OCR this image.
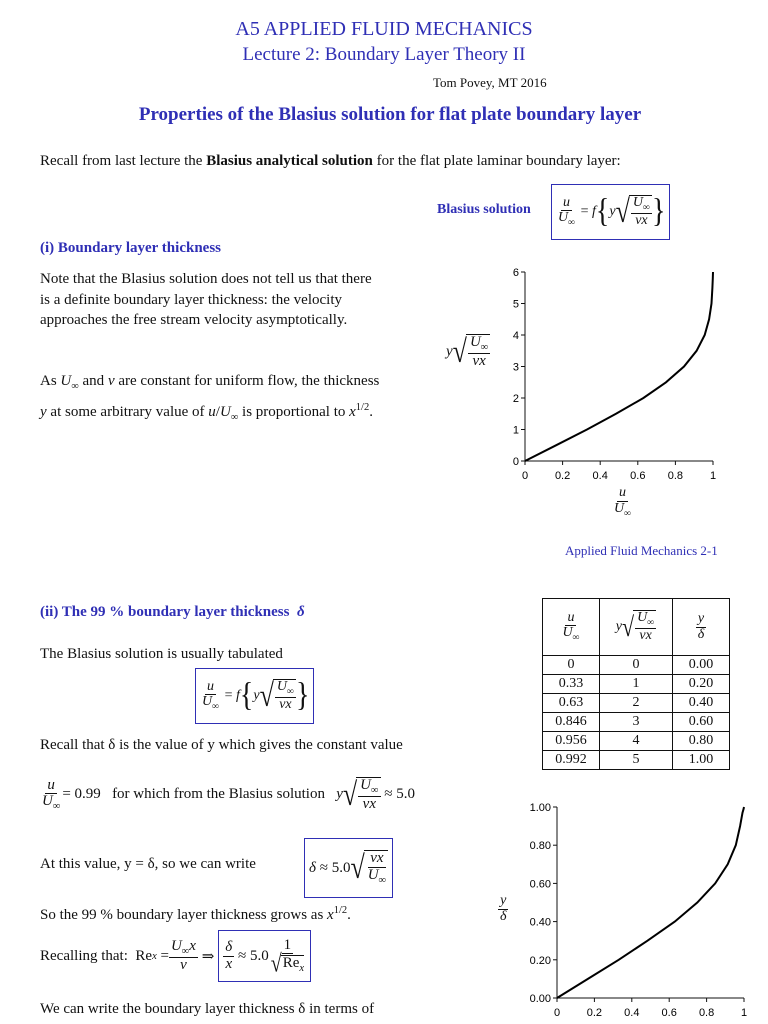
A5 APPLIED FLUID MECHANICS
Lecture 2: Boundary Layer Theory II
Tom Povey, MT 2016
Properties of the Blasius solution for flat plate boundary layer
Recall from last lecture the Blasius analytical solution for the flat plate laminar boundary layer:
Blasius solution $\frac{u}{U_\infty} = f$ { y √ $\frac{U_\infty}{\nu x}$ }
(i) Boundary layer thickness
Note that the Blasius solution does not tell us that there is a definite boundary layer thickness: the velocity approaches the free stream velocity asymptotically.
As $U_\infty$ and ν are constant for uniform flow, the thickness y at some arbitrary value of $u/U_\infty$ is proportional to $x^{1/2}$.
y √ $\frac{U_\infty}{\nu x}$
0
1
2
3
4
5
6
0 0.2 0.4 0.6 0.8 1
$\frac{u}{U_\infty}$
Applied Fluid Mechanics 2-1
(ii) The 99 % boundary layer thickness δ	$\frac{u}{U_\infty}$	y √ $\frac{U_\infty}{\nu x}$	$\frac{y}{\delta}$

0	0	0.00
0.33	1	0.20
0.63	2	0.40
0.846	3	0.60
0.956	4	0.80
0.992	5	1.00
The Blasius solution is usually tabulated
$\frac{u}{U_\infty} = f$ { y √ $\frac{U_\infty}{\nu x}$ }
Recall that δ is the value of y which gives the constant value
$\frac{u}{U_\infty} = 0.99$
for which from the Blasius solution
y √ $\frac{U_\infty}{\nu x}$
≈ 5.0
At this value, y = δ, so we can write	δ ≈ 5.0 √ $\frac{\nu x}{U_\infty}$
So the 99 % boundary layer thickness grows as $x^{1/2}$.
Recalling that: Re $x = \frac{U_\infty x}{\nu}$ ⇒ $\frac{\delta}{x} \approx 5.0 \frac{1}{√ Re_x}$
We can write the boundary layer thickness δ in terms of
$\frac{y}{\delta}$
0.00
0.20
0.40
0.60
0.80
1.00
0 0.2 0.4 0.6 0.8 1
